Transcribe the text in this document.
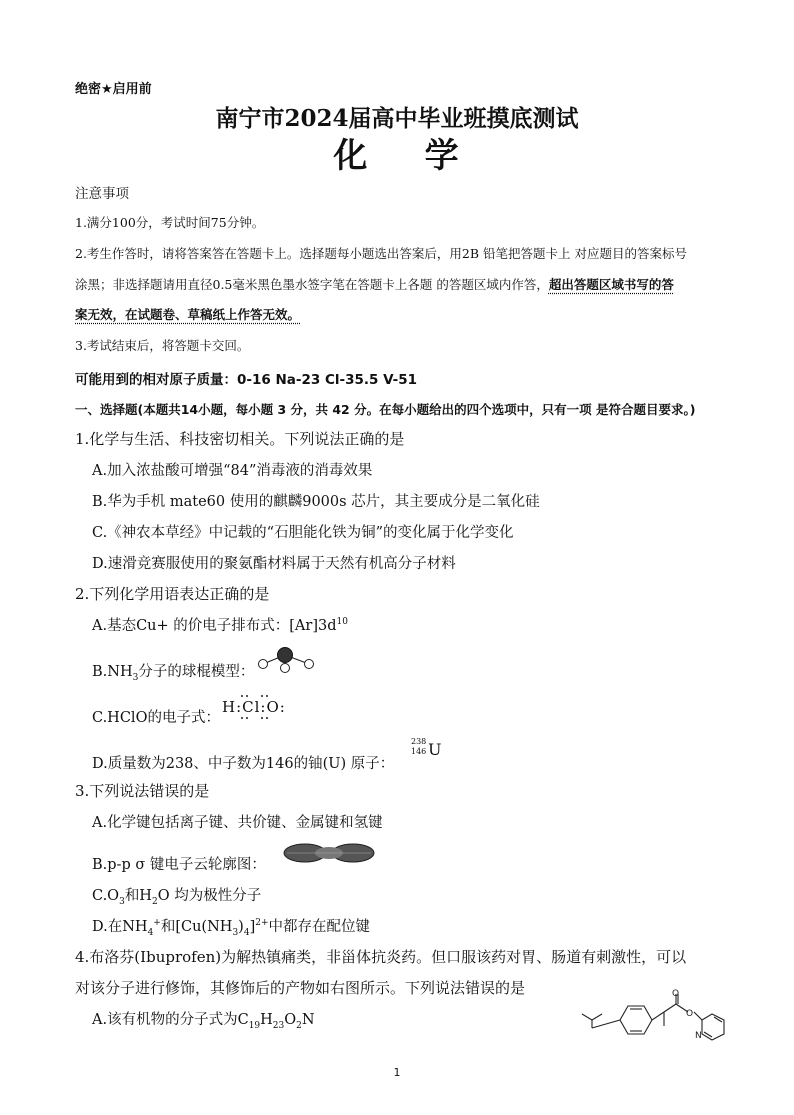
绝密★启用前
南宁市2024届高中毕业班摸底测试
化    学
注意事项
1.满分100分，考试时间75分钟。
2.考生作答时，请将答案答在答题卡上。选择题每小题选出答案后，用2B 铅笔把答题卡上 对应题目的答案标号
涂黑；非选择题请用直径0.5毫米黑色墨水签字笔在答题卡上各题 的答题区域内作答，超出答题区域书写的答
案无效，在试题卷、草稿纸上作答无效。
3.考试结束后，将答题卡交回。
可能用到的相对原子质量：0-16 Na-23 Cl-35.5 V-51
一、选择题(本题共14小题，每小题 3 分，共 42 分。在每小题给出的四个选项中，只有一项 是符合题目要求。)
1.化学与生活、科技密切相关。下列说法正确的是
A.加入浓盐酸可增强“84”消毒液的消毒效果
B.华为手机 mate60 使用的麒麟9000s 芯片，其主要成分是二氧化硅
C.《神农本草经》中记载的“石胆能化铁为铜”的变化属于化学变化
D.速滑竞赛服使用的聚氨酯材料属于天然有机高分子材料
2.下列化学用语表达正确的是
A.基态Cu+ 的价电子排布式：$[Ar]3d^{10}$
$B.NH_3$分子的球棍模型：
C.HClO的电子式：
H:Cl:O:
D.质量数为238、中子数为146的铀(U) 原子：
238
146 U
3.下列说法错误的是
A.化学键包括离子键、共价键、金属键和氢键
B.p-p σ 键电子云轮廓图：
$C.O_3$和$H_2O$ 均为极性分子
D.在$NH_4^+$和$[Cu(NH_3)_4]^{2+}$中都存在配位键
4.布洛芬(Ibuprofen)为解热镇痛类，非甾体抗炎药。但口服该药对胃、肠道有刺激性，可以
对该分子进行修饰，其修饰后的产物如右图所示。下列说法错误的是
A.该有机物的分子式为$C_{19}H_{23}O_2N$
O
O
N
1
